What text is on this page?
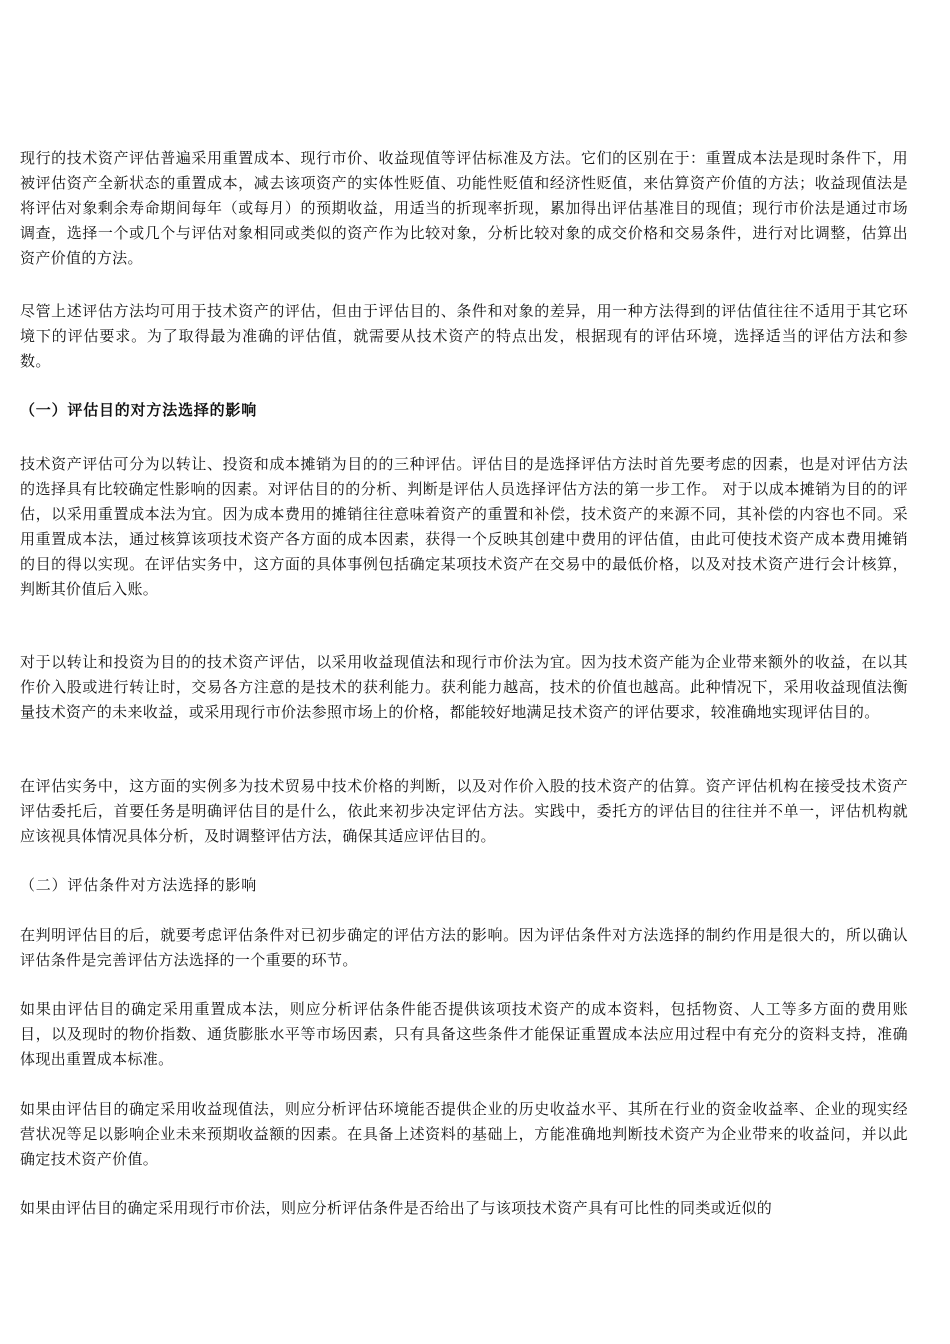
现行的技术资产评估普遍采用重置成本、现行市价、收益现值等评估标准及方法。它们的区别在于：重置成本法是现时条件下，用被评估资产全新状态的重置成本，减去该项资产的实体性贬值、功能性贬值和经济性贬值，来估算资产价值的方法；收益现值法是将评估对象剩余寿命期间每年（或每月）的预期收益，用适当的折现率折现，累加得出评估基准目的现值；现行市价法是通过市场调查，选择一个或几个与评估对象相同或类似的资产作为比较对象，分析比较对象的成交价格和交易条件，进行对比调整，估算出资产价值的方法。

尽管上述评估方法均可用于技术资产的评估，但由于评估目的、条件和对象的差异，用一种方法得到的评估值往往不适用于其它环境下的评估要求。为了取得最为准确的评估值，就需要从技术资产的特点出发，根据现有的评估环境，选择适当的评估方法和参数。

（一）评估目的对方法选择的影响

技术资产评估可分为以转让、投资和成本摊销为目的的三种评估。评估目的是选择评估方法时首先要考虑的因素，也是对评估方法的选择具有比较确定性影响的因素。对评估目的的分析、判断是评估人员选择评估方法的第一步工作。 对于以成本摊销为目的的评估，以采用重置成本法为宜。因为成本费用的摊销往往意味着资产的重置和补偿，技术资产的来源不同，其补偿的内容也不同。采用重置成本法，通过核算该项技术资产各方面的成本因素，获得一个反映其创建中费用的评估值，由此可使技术资产成本费用摊销的目的得以实现。在评估实务中，这方面的具体事例包括确定某项技术资产在交易中的最低价格，以及对技术资产进行会计核算，判断其价值后入账。

对于以转让和投资为目的的技术资产评估，以采用收益现值法和现行市价法为宜。因为技术资产能为企业带来额外的收益，在以其作价入股或进行转让时，交易各方注意的是技术的获利能力。获利能力越高，技术的价值也越高。此种情况下，采用收益现值法衡量技术资产的未来收益，或采用现行市价法参照市场上的价格，都能较好地满足技术资产的评估要求，较准确地实现评估目的。

在评估实务中，这方面的实例多为技术贸易中技术价格的判断，以及对作价入股的技术资产的估算。资产评估机构在接受技术资产评估委托后，首要任务是明确评估目的是什么，依此来初步决定评估方法。实践中，委托方的评估目的往往并不单一，评估机构就应该视具体情况具体分析，及时调整评估方法，确保其适应评估目的。

（二）评估条件对方法选择的影响

在判明评估目的后，就要考虑评估条件对已初步确定的评估方法的影响。因为评估条件对方法选择的制约作用是很大的，所以确认评估条件是完善评估方法选择的一个重要的环节。

如果由评估目的确定采用重置成本法，则应分析评估条件能否提供该项技术资产的成本资料，包括物资、人工等多方面的费用账目，以及现时的物价指数、通货膨胀水平等市场因素，只有具备这些条件才能保证重置成本法应用过程中有充分的资料支持，准确体现出重置成本标准。

如果由评估目的确定采用收益现值法，则应分析评估环境能否提供企业的历史收益水平、其所在行业的资金收益率、企业的现实经营状况等足以影响企业未来预期收益额的因素。在具备上述资料的基础上，方能准确地判断技术资产为企业带来的收益问，并以此确定技术资产价值。

如果由评估目的确定采用现行市价法，则应分析评估条件是否给出了与该项技术资产具有可比性的同类或近似的
